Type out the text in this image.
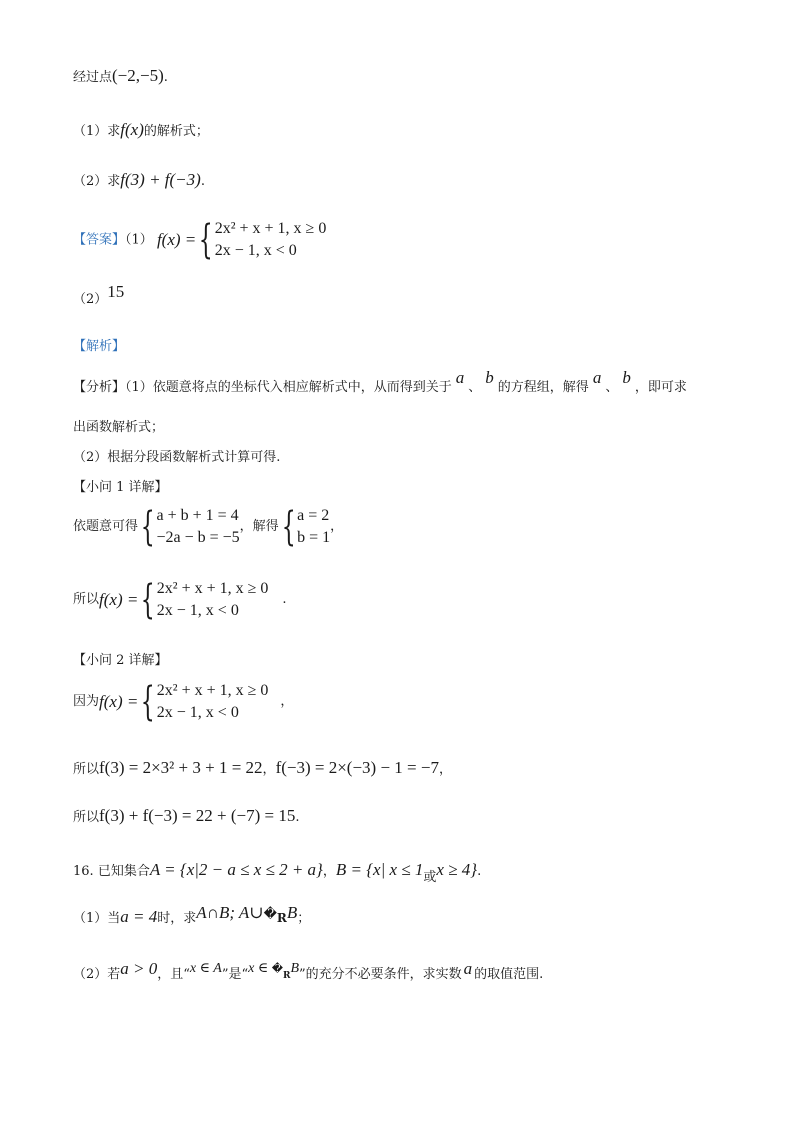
经过点(−2,−5).
（1）求f(x)的解析式；
（2）求f(3) + f(−3).
【答案】（1） f(x) = { 2x² + x + 1, x ≥ 0
2x − 1, x < 0
（2）15
【解析】
【分析】（1）依题意将点的坐标代入相应解析式中，从而得到关于a、b的方程组，解得a、b，即可求
出函数解析式；
（2）根据分段函数解析式计算可得.
【小问 1 详解】
依题意可得 { a + b + 1 = 4
−2a − b = −5
，解得 { a = 2
b = 1
，
所以 f(x) = { 2x² + x + 1, x ≥ 0
2x − 1, x < 0
.
【小问 2 详解】
因为 f(x) = { 2x² + x + 1, x ≥ 0
2x − 1, x < 0
，
所以f(3) = 2×3² + 3 + 1 = 22，f(−3) = 2×(−3) − 1 = −7，
所以f(3) + f(−3) = 22 + (−7) = 15.
16. 已知集合A = {x|2 − a ≤ x ≤ 2 + a}，B = {x| x ≤ 1或x ≥ 4}.
（1）当a = 4时，求A∩B; A∪�RB；
（2）若a > 0，且“x ∈ A”是“x ∈ �RB”的充分不必要条件，求实数 a 的取值范围.
